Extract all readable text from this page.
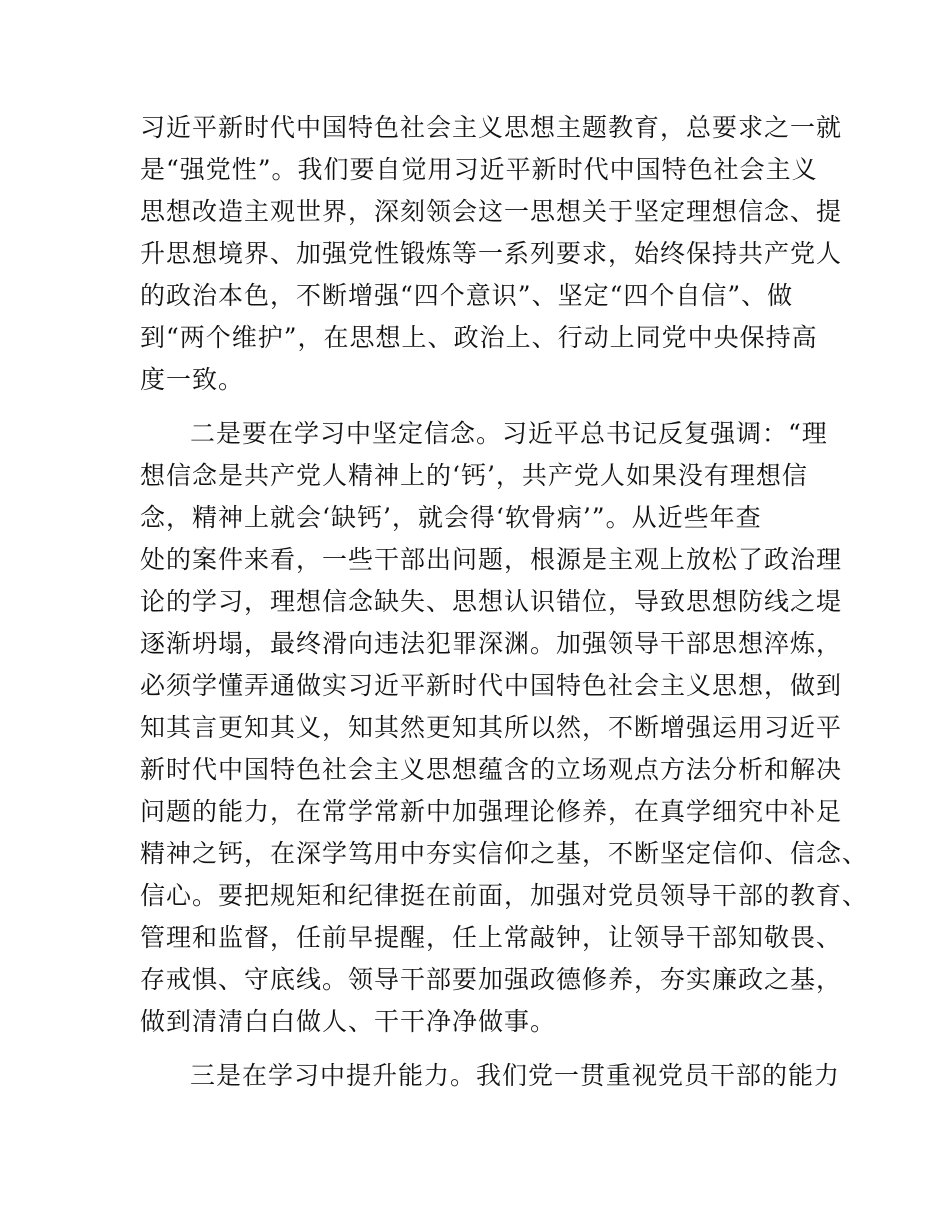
习近平新时代中国特色社会主义思想主题教育，总要求之一就
是“强党性”。我们要自觉用习近平新时代中国特色社会主义
思想改造主观世界，深刻领会这一思想关于坚定理想信念、提
升思想境界、加强党性锻炼等一系列要求，始终保持共产党人
的政治本色，不断增强“四个意识”、坚定“四个自信”、做
到“两个维护”，在思想上、政治上、行动上同党中央保持高
度一致。
二是要在学习中坚定信念。习近平总书记反复强调：“理
想信念是共产党人精神上的‘钙’，共产党人如果没有理想信
念，精神上就会‘缺钙’，就会得‘软骨病’”。从近些年查
处的案件来看，一些干部出问题，根源是主观上放松了政治理
论的学习，理想信念缺失、思想认识错位，导致思想防线之堤
逐渐坍塌，最终滑向违法犯罪深渊。加强领导干部思想淬炼，
必须学懂弄通做实习近平新时代中国特色社会主义思想，做到
知其言更知其义，知其然更知其所以然，不断增强运用习近平
新时代中国特色社会主义思想蕴含的立场观点方法分析和解决
问题的能力，在常学常新中加强理论修养，在真学细究中补足
精神之钙，在深学笃用中夯实信仰之基，不断坚定信仰、信念、
信心。要把规矩和纪律挺在前面，加强对党员领导干部的教育、
管理和监督，任前早提醒，任上常敲钟，让领导干部知敬畏、
存戒惧、守底线。领导干部要加强政德修养，夯实廉政之基，
做到清清白白做人、干干净净做事。
三是在学习中提升能力。我们党一贯重视党员干部的能力
